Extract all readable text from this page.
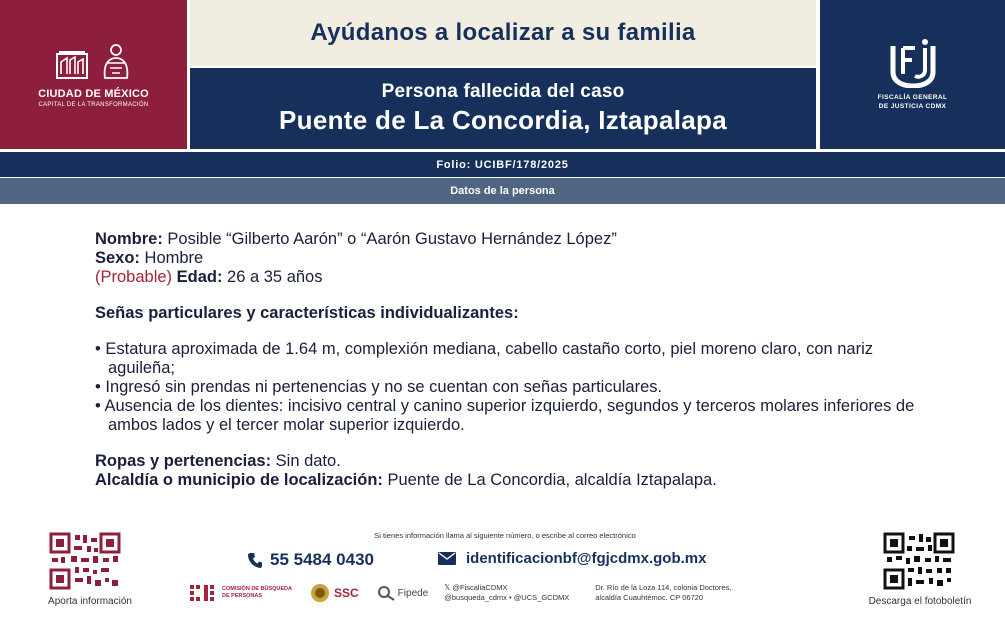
CIUDAD DE MÉXICO
CAPITAL DE LA TRANSFORMACIÓN
Ayúdanos a localizar a su familia
Persona fallecida del caso
Puente de La Concordia, Iztapalapa
FISCALÍA GENERAL
DE JUSTICIA CDMX
Folio: UCIBF/178/2025
Datos de la persona
Nombre: Posible “Gilberto Aarón” o “Aarón Gustavo Hernández López”
Sexo: Hombre
(Probable) Edad: 26 a 35 años
Señas particulares y características individualizantes:
• Estatura aproximada de 1.64 m, complexión mediana, cabello castaño corto, piel moreno claro, con nariz aguileña;
• Ingresó sin prendas ni pertenencias y no se cuentan con señas particulares.
• Ausencia de los dientes: incisivo central y canino superior izquierdo, segundos y terceros molares inferiores de ambos lados y el tercer molar superior izquierdo.
Ropas y pertenencias: Sin dato.
Alcaldía o municipio de localización: Puente de La Concordia, alcaldía Iztapalapa.
Aporta información
Si tienes información llama al siguiente número, o escribe al correo electrónico
55 5484 0430	identificacionbf@fgjcdmx.gob.mx
COMISIÓN DE BÚSQUEDA
DE PERSONAS	SSC	Fipede 𝕏 @FiscaliaCDMX
@busqueda_cdmx • @UCS_GCDMX
Dr. Río de la Loza 114, colonia Doctores,
alcaldía Cuauhtémoc. CP 06720	Descarga el fotoboletín
